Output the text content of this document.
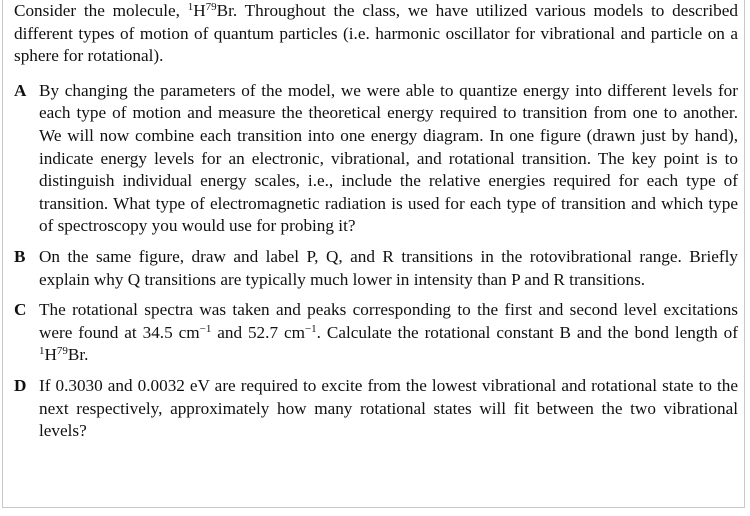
Consider the molecule, $^1H^{79}Br$. Throughout the class, we have utilized various models to described different types of motion of quantum particles (i.e. harmonic oscillator for vibrational and particle on a sphere for rotational).

A By changing the parameters of the model, we were able to quantize energy into different levels for each type of motion and measure the theoretical energy required to transition from one to another. We will now combine each transition into one energy diagram. In one figure (drawn just by hand), indicate energy levels for an electronic, vibrational, and rotational transition. The key point is to distinguish individual energy scales, i.e., include the relative energies required for each type of transition. What type of electromagnetic radiation is used for each type of transition and which type of spectroscopy you would use for probing it?
B On the same figure, draw and label P, Q, and R transitions in the rotovibrational range. Briefly explain why Q transitions are typically much lower in intensity than P and R transitions.
C The rotational spectra was taken and peaks corresponding to the first and second level excitations were found at 34.5 $cm^{-1}$ and 52.7 $cm^{-1}$. Calculate the rotational constant B and the bond length of $^1H^{79}Br$.
D If 0.3030 and 0.0032 eV are required to excite from the lowest vibrational and rotational state to the next respectively, approximately how many rotational states will fit between the two vibrational levels?
